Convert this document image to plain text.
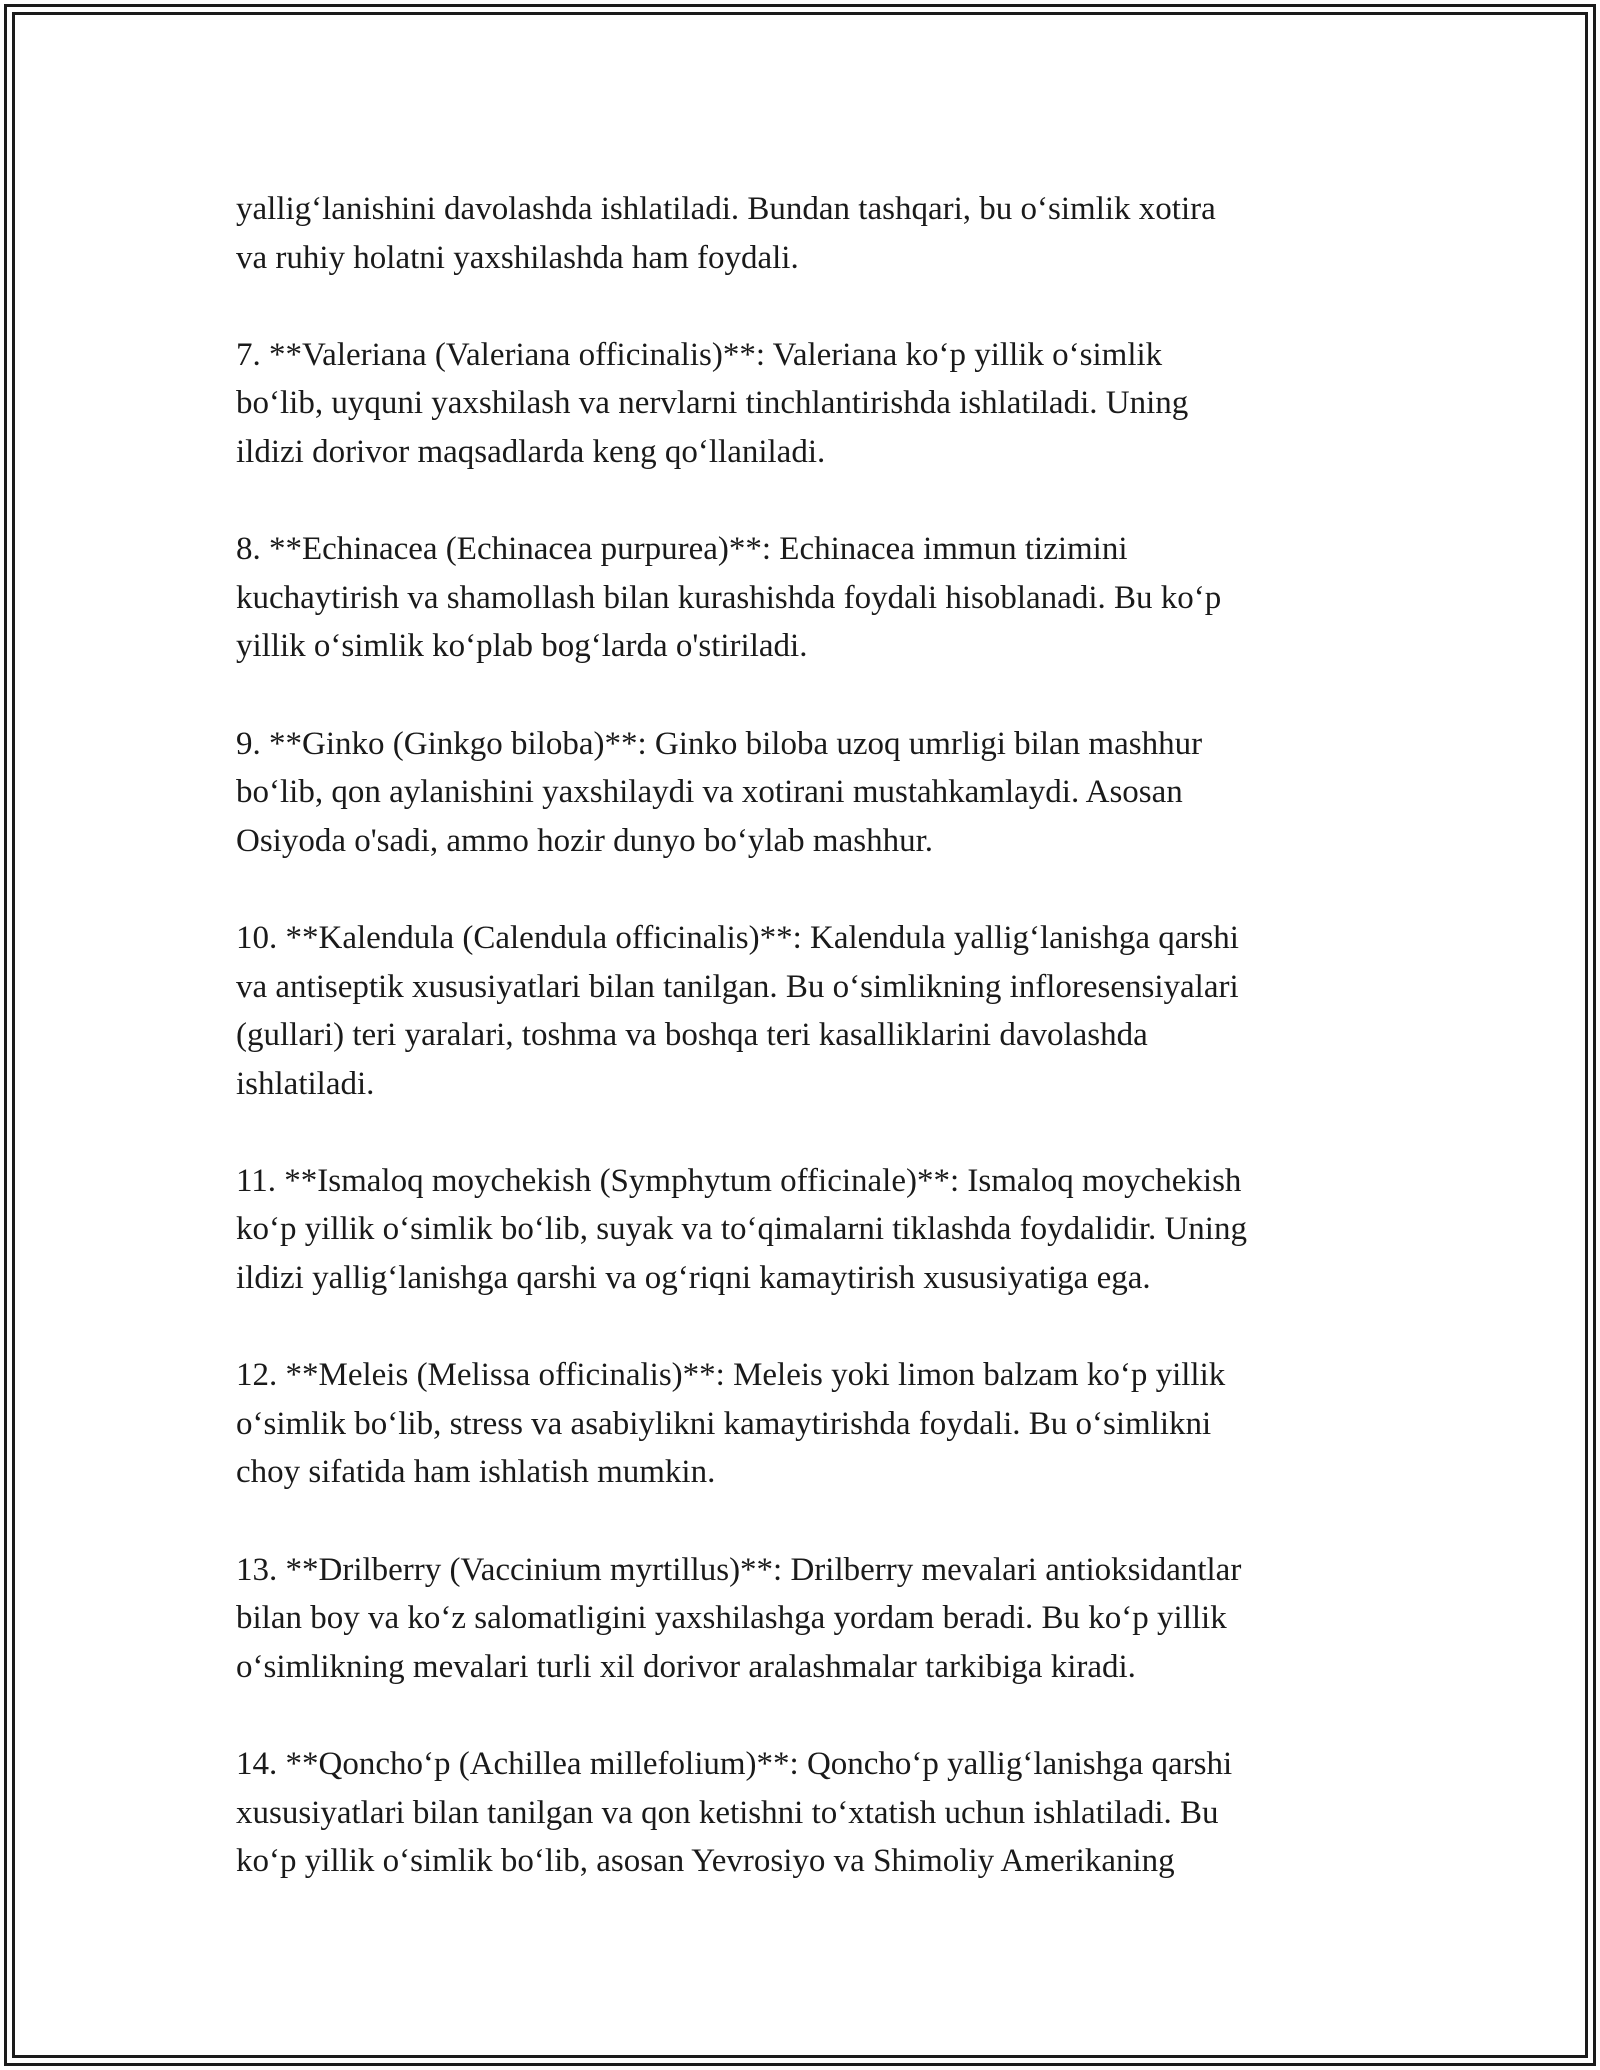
yallig‘lanishini davolashda ishlatiladi. Bundan tashqari, bu o‘simlik xotira
va ruhiy holatni yaxshilashda ham foydali.

7. **Valeriana (Valeriana officinalis)**: Valeriana ko‘p yillik o‘simlik
bo‘lib, uyquni yaxshilash va nervlarni tinchlantirishda ishlatiladi. Uning
ildizi dorivor maqsadlarda keng qo‘llaniladi.

8. **Echinacea (Echinacea purpurea)**: Echinacea immun tizimini
kuchaytirish va shamollash bilan kurashishda foydali hisoblanadi. Bu ko‘p
yillik o‘simlik ko‘plab bog‘larda o'stiriladi.

9. **Ginko (Ginkgo biloba)**: Ginko biloba uzoq umrligi bilan mashhur
bo‘lib, qon aylanishini yaxshilaydi va xotirani mustahkamlaydi. Asosan
Osiyoda o'sadi, ammo hozir dunyo bo‘ylab mashhur.

10. **Kalendula (Calendula officinalis)**: Kalendula yallig‘lanishga qarshi
va antiseptik xususiyatlari bilan tanilgan. Bu o‘simlikning infloresensiyalari
(gullari) teri yaralari, toshma va boshqa teri kasalliklarini davolashda
ishlatiladi.

11. **Ismaloq moychekish (Symphytum officinale)**: Ismaloq moychekish
ko‘p yillik o‘simlik bo‘lib, suyak va to‘qimalarni tiklashda foydalidir. Uning
ildizi yallig‘lanishga qarshi va og‘riqni kamaytirish xususiyatiga ega.

12. **Meleis (Melissa officinalis)**: Meleis yoki limon balzam ko‘p yillik
o‘simlik bo‘lib, stress va asabiylikni kamaytirishda foydali. Bu o‘simlikni
choy sifatida ham ishlatish mumkin.

13. **Drilberry (Vaccinium myrtillus)**: Drilberry mevalari antioksidantlar
bilan boy va ko‘z salomatligini yaxshilashga yordam beradi. Bu ko‘p yillik
o‘simlikning mevalari turli xil dorivor aralashmalar tarkibiga kiradi.

14. **Qoncho‘p (Achillea millefolium)**: Qoncho‘p yallig‘lanishga qarshi
xususiyatlari bilan tanilgan va qon ketishni to‘xtatish uchun ishlatiladi. Bu
ko‘p yillik o‘simlik bo‘lib, asosan Yevrosiyo va Shimoliy Amerikaning
